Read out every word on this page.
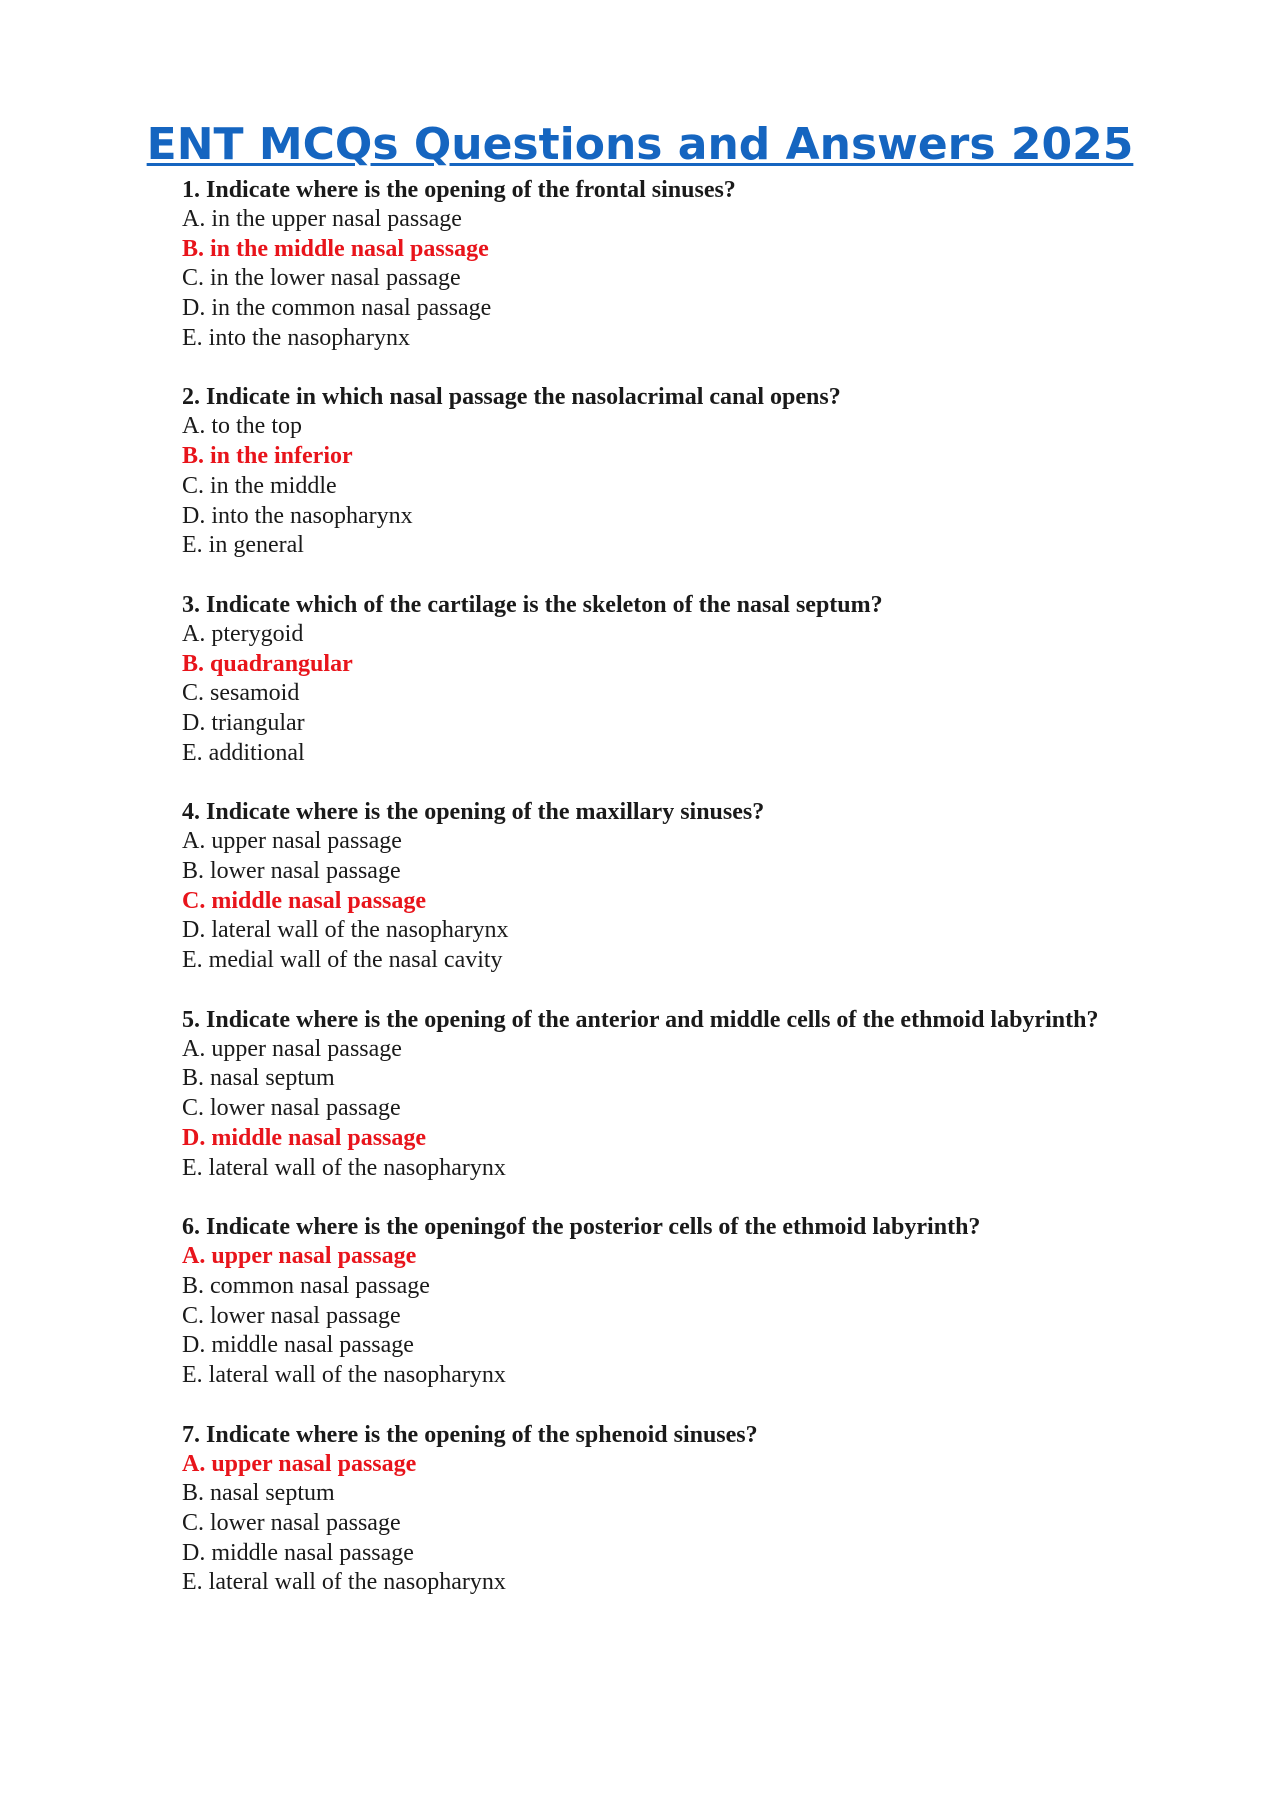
ENT MCQs Questions and Answers 2025
1. Indicate where is the opening of the frontal sinuses?
A. in the upper nasal passage
B. in the middle nasal passage
C. in the lower nasal passage
D. in the common nasal passage
E. into the nasopharynx
2. Indicate in which nasal passage the nasolacrimal canal opens?
A. to the top
B. in the inferior
C. in the middle
D. into the nasopharynx
E. in general
3. Indicate which of the cartilage is the skeleton of the nasal septum?
A. pterygoid
B. quadrangular
C. sesamoid
D. triangular
E. additional
4. Indicate where is the opening of the maxillary sinuses?
A. upper nasal passage
B. lower nasal passage
C. middle nasal passage
D. lateral wall of the nasopharynx
E. medial wall of the nasal cavity
5. Indicate where is the opening of the anterior and middle cells of the ethmoid labyrinth?
A. upper nasal passage
B. nasal septum
C. lower nasal passage
D. middle nasal passage
E. lateral wall of the nasopharynx
6. Indicate where is the openingof the posterior cells of the ethmoid labyrinth?
A. upper nasal passage
B. common nasal passage
C. lower nasal passage
D. middle nasal passage
E. lateral wall of the nasopharynx
7. Indicate where is the opening of the sphenoid sinuses?
A. upper nasal passage
B. nasal septum
C. lower nasal passage
D. middle nasal passage
E. lateral wall of the nasopharynx
